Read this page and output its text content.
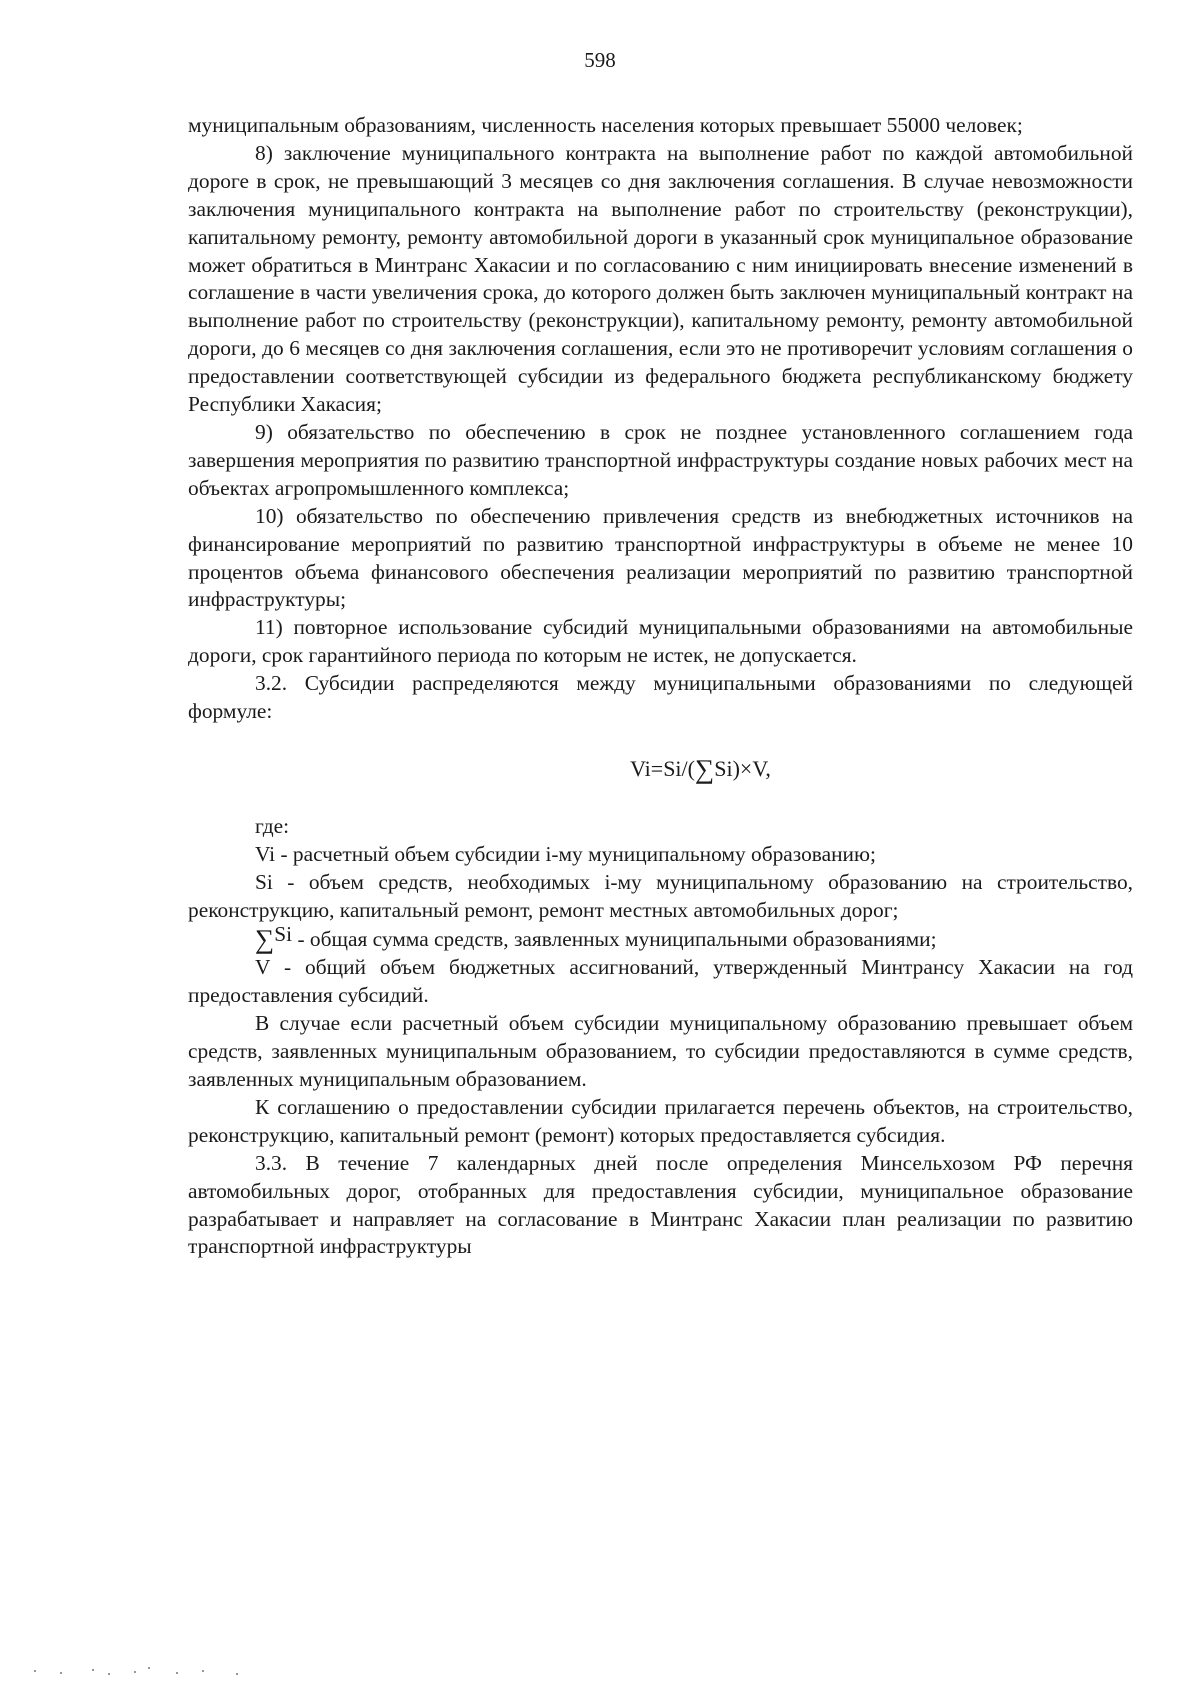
598

муниципальным образованиям, численность населения которых превышает 55000 человек;

8) заключение муниципального контракта на выполнение работ по каждой автомобильной дороге в срок, не превышающий 3 месяцев со дня заключения соглашения. В случае невозможности заключения муниципального контракта на выполнение работ по строительству (реконструкции), капитальному ремонту, ремонту автомобильной дороги в указанный срок муниципальное образование может обратиться в Минтранс Хакасии и по согласованию с ним инициировать внесение изменений в соглашение в части увеличения срока, до которого должен быть заключен муниципальный контракт на выполнение работ по строительству (реконструкции), капитальному ремонту, ремонту автомобильной дороги, до 6 месяцев со дня заключения соглашения, если это не противоречит условиям соглашения о предоставлении соответствующей субсидии из федерального бюджета республиканскому бюджету Республики Хакасия;

9) обязательство по обеспечению в срок не позднее установленного соглашением года завершения мероприятия по развитию транспортной инфраструктуры создание новых рабочих мест на объектах агропромышленного комплекса;

10) обязательство по обеспечению привлечения средств из внебюджетных источников на финансирование мероприятий по развитию транспортной инфраструктуры в объеме не менее 10 процентов объема финансового обеспечения реализации мероприятий по развитию транспортной инфраструктуры;

11) повторное использование субсидий муниципальными образованиями на автомобильные дороги, срок гарантийного периода по которым не истек, не допускается.

3.2. Субсидии распределяются между муниципальными образованиями по следующей формуле:

Vi=Si/(∑Si)×V,

где:

Vi - расчетный объем субсидии i-му муниципальному образованию;

Si - объем средств, необходимых i-му муниципальному образованию на строительство, реконструкцию, капитальный ремонт, ремонт местных автомобильных дорог;

∑Si - общая сумма средств, заявленных муниципальными образованиями;

V - общий объем бюджетных ассигнований, утвержденный Минтрансу Хакасии на год предоставления субсидий.

В случае если расчетный объем субсидии муниципальному образованию превышает объем средств, заявленных муниципальным образованием, то субсидии предоставляются в сумме средств, заявленных муниципальным образованием.

К соглашению о предоставлении субсидии прилагается перечень объектов, на строительство, реконструкцию, капитальный ремонт (ремонт) которых предоставляется субсидия.

3.3. В течение 7 календарных дней после определения Минсельхозом РФ перечня автомобильных дорог, отобранных для предоставления субсидии, муниципальное образование разрабатывает и направляет на согласование в Минтранс Хакасии план реализации по развитию транспортной инфраструктуры
